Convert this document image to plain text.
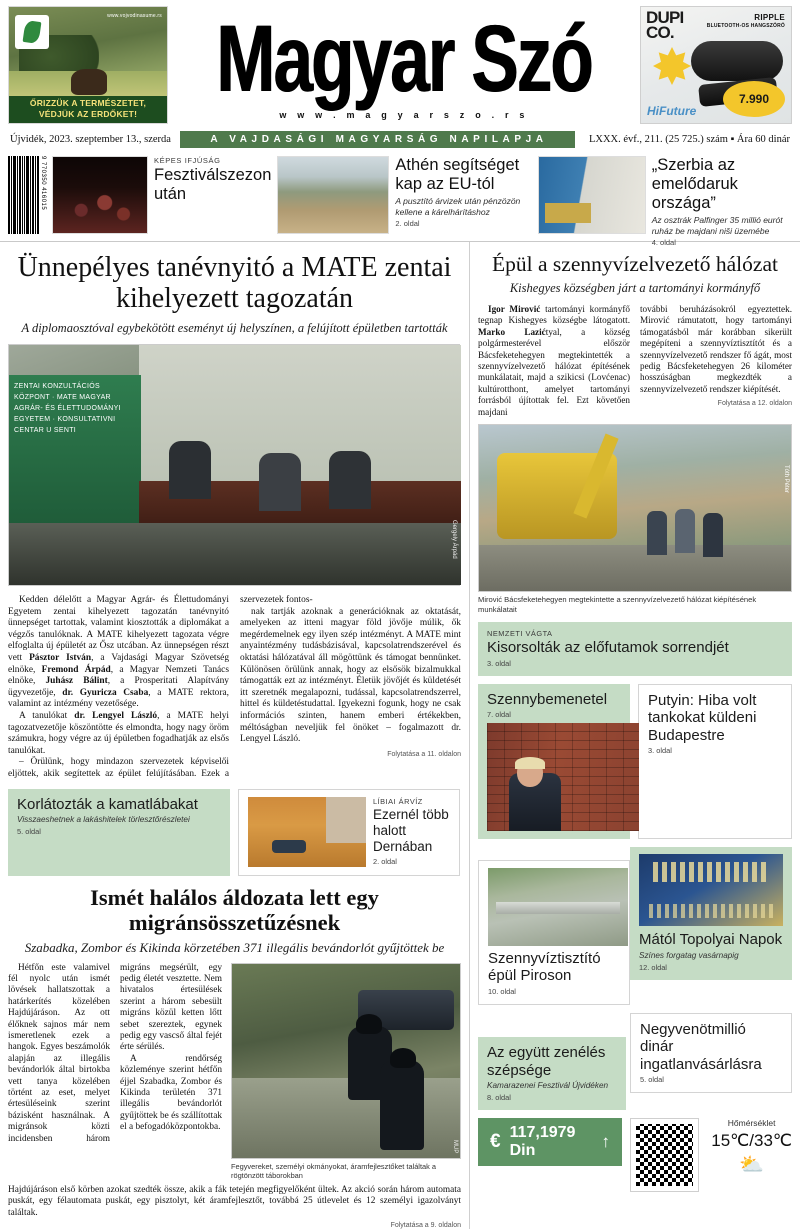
www.vojvodinasume.rs
ŐRIZZÜK A TERMÉSZETET,
VÉDJÜK AZ ERDŐKET!
Magyar Szó
w w w . m a g y a r s z o . r s
DUPI
CO.
RIPPLE
BLUETOOTH-OS HANGSZÓRÓ
7.990
HiFuture
Újvidék, 2023. szeptember 13., szerda	A VAJDASÁGI MAGYARSÁG NAPILAPJA	LXXX. évf., 211. (25 725.) szám ▪ Ára 60 dinár
9 770350 416015	KÉPES IFJÚSÁG
Fesztiválszezon után
Athén segítséget kap az EU-tól
A pusztító árvizek után pénzözön kellene a kárelhárításhoz
2. oldal
„Szerbia az emelődaruk országa”
Az osztrák Palfinger 35 millió eurót ruház be majdani niši üzemébe
4. oldal
Ünnepélyes tanévnyitó a MATE zentai kihelyezett tagozatán
A diplomaosztóval egybekötött eseményt új helyszínen, a felújított épületben tartották
ZENTAI KONZULTÁCIÓS KÖZPONT · MATE MAGYAR AGRÁR- ÉS ÉLETTUDOMÁNYI EGYETEM · KONSULTATIVNI CENTAR U SENTI
Gergely Árpád

Kedden délelőtt a Magyar Agrár- és Élettudományi Egyetem zentai kihelyezett tagozatán tanévnyitó ünnepséget tartottak, valamint kiosztották a diplomákat a végzős tanulóknak. A MATE kihelyezett tagozata végre elfoglalta új épületét az Ősz utcában. Az ünnepségen részt vett Pásztor István, a Vajdasági Magyar Szövetség elnöke, Fremond Árpád, a Magyar Nemzeti Tanács elnöke, Juhász Bálint, a Prosperitati Alapítvány ügyvezetője, dr. Gyuricza Csaba, a MATE rektora, valamint az intézmény vezetősége.

A tanulókat dr. Lengyel László, a MATE helyi tagozatvezetője köszöntötte és elmondta, hogy nagy öröm számukra, hogy végre az új épületben fogadhatják az elsős tanulókat.

– Örülünk, hogy mindazon szervezetek képviselői eljöttek, akik segítettek az épület felújításában. Ezek a szervezetek fontos-

nak tartják azoknak a generációknak az oktatását, amelyeken az itteni magyar föld jövője múlik, ők megérdemelnek egy ilyen szép intézményt. A MATE mint anyaintézmény tudásbázisával, kapcsolatrendszerével és oktatási hálózatával áll mögöttünk és támogat bennünket. Különösen örülünk annak, hogy az elsősök bizalmukkal támogatták ezt az intézményt. Életük jövőjét és küldetését itt szeretnék megalapozni, tudással, kapcsolatrendszerrel, hittel és küldetéstudattal. Igyekezni fogunk, hogy ne csak információs szinten, hanem emberi értékekben, méltóságban neveljük fel önöket – fogalmazott dr. Lengyel László.

Folytatása a 11. oldalon
Korlátozták a kamatlábakat
Visszaeshetnek a lakáshitelek törlesztőrészletei
5. oldal
LÍBIAI ÁRVÍZ
Ezernél több halott Dernában
2. oldal
Ismét halálos áldozata lett egy migránsösszetűzésnek
Szabadka, Zombor és Kikinda körzetében 371 illegális bevándorlót gyűjtöttek be

Hétfőn este valamivel fél nyolc után ismét lövések hallatszottak a határkerítés közelében Hajdújáráson. Az ott élőknek sajnos már nem ismeretlenek ezek a hangok. Egyes beszámolók alapján az illegális bevándorlók által birtokba vett tanya közelében történt az eset, melyet értesüléseink szerint bázisként használnak. A migránsok közti incidensben három migráns megsérült, egy pedig életét vesztette. Nem hivatalos értesülések szerint a három sebesült migráns közül ketten lőtt sebet szereztek, egynek pedig egy vascső által fejét érte sérülés.

A rendőrség közleménye szerint hétfőn éjjel Szabadka, Zombor és Kikinda területén 371 illegális bevándorlót gyűjtöttek be és szállítottak el a befogadóközpontokba.

MUP
Fegyvereket, személyi okmányokat, áramfejlesztőket találtak a rögtönzött táborokban
Hajdújáráson első körben azokat szedték össze, akik a fák tetején megfigyelőként ültek. Az akció során három automata puskát, egy félautomata puskát, egy pisztolyt, két áramfejlesztőt, továbbá 25 útlevelet és 12 személyi igazolványt találtak.
Folytatása a 9. oldalon
Épül a szennyvízelvezető hálózat
Kishegyes községben járt a tartományi kormányfő

Igor Mirović tartományi kormányfő tegnap Kishegyes községbe látogatott. Marko Lazićtyal, a község polgármesterével először Bácsfeketehegyen megtekintették a szennyvízelvezető hálózat építésének munkálatait, majd a szikicsi (Lovćenac) kultúrotthont, amelyet tartományi forrásból újítottak fel. Ezt követően majdani

további beruházásokról egyeztettek. Mirović rámutatott, hogy tartományi támogatásból már korábban sikerült megépíteni a szennyvíztisztítót és a szennyvízelvezető rendszer fő ágát, most pedig Bácsfeketehegyen 26 kilométer hosszúságban megkezdték a szennyvízelvezető rendszer kiépítését.

Folytatása a 12. oldalon
Tóth Péter
Mirović Bácsfeketehegyen megtekintette a szennyvízelvezető hálózat kiépítésének munkálatait
NEMZETI VÁGTA
Kisorsolták az előfutamok sorrendjét
3. oldal
Szennybemenetel
7. oldal
Putyin: Hiba volt tankokat küldeni Budapestre
3. oldal
Mától Topolyai Napok
Színes forgatag vasárnapig
12. oldal
Szennyvíztisztító épül Piroson
10. oldal
Negyvenötmillió dinár ingatlanvásárlásra
5. oldal
Az együtt zenélés szépsége
Kamarazenei Fesztivál Újvidéken
8. oldal
€ 117,1979 Din	↑
Hőmérséklet
15℃/33℃
⛅
